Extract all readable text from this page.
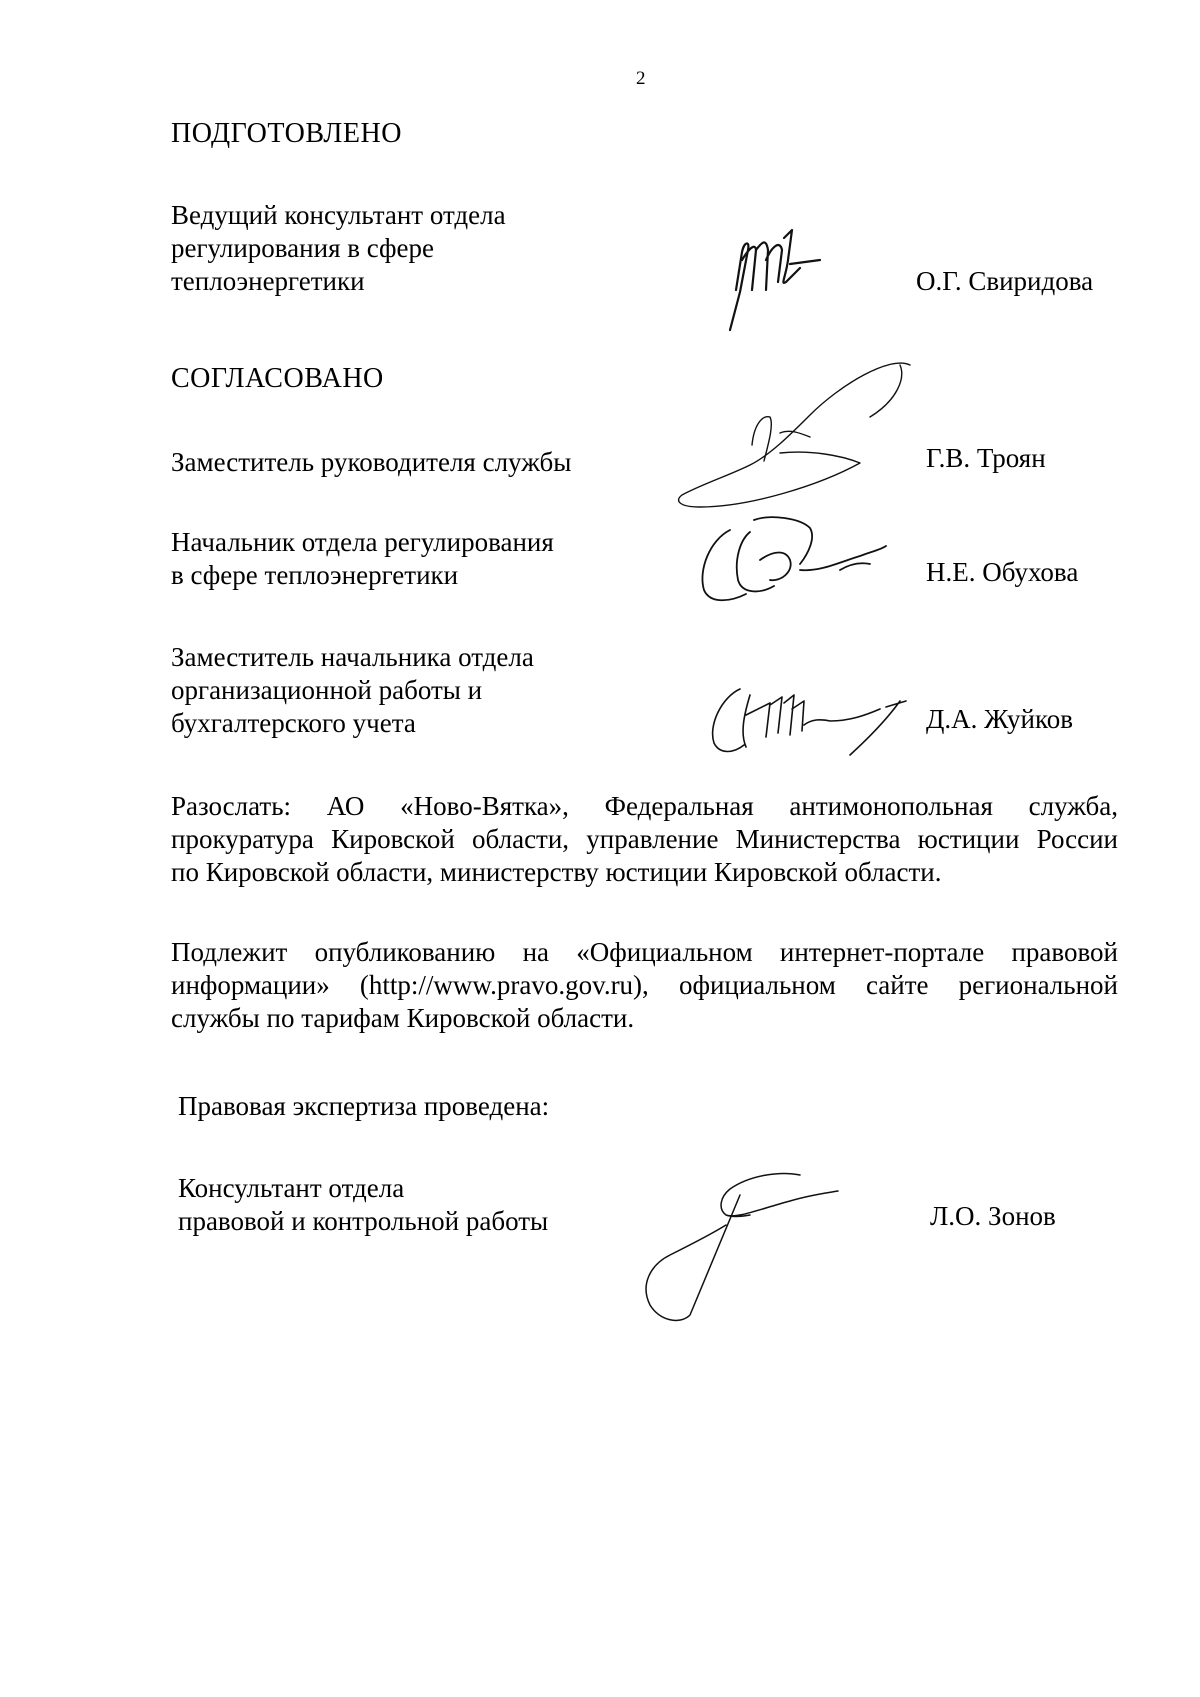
2
ПОДГОТОВЛЕНО
Ведущий консультант отдела
регулирования в сфере
теплоэнергетики	О.Г. Свиридова
СОГЛАСОВАНО
Заместитель руководителя службы	Г.В. Троян
Начальник отдела регулирования
в сфере теплоэнергетики	Н.Е. Обухова
Заместитель начальника отдела
организационной работы и
бухгалтерского учета	Д.А. Жуйков
Разослать: АО «Ново-Вятка», Федеральная антимонопольная служба,
прокуратура Кировской области, управление Министерства юстиции России
по Кировской области, министерству юстиции Кировской области.
Подлежит опубликованию на «Официальном интернет-портале правовой
информации» (http://www.pravo.gov.ru), официальном сайте региональной
службы по тарифам Кировской области.
Правовая экспертиза проведена:
Консультант отдела
правовой и контрольной работы	Л.О. Зонов
